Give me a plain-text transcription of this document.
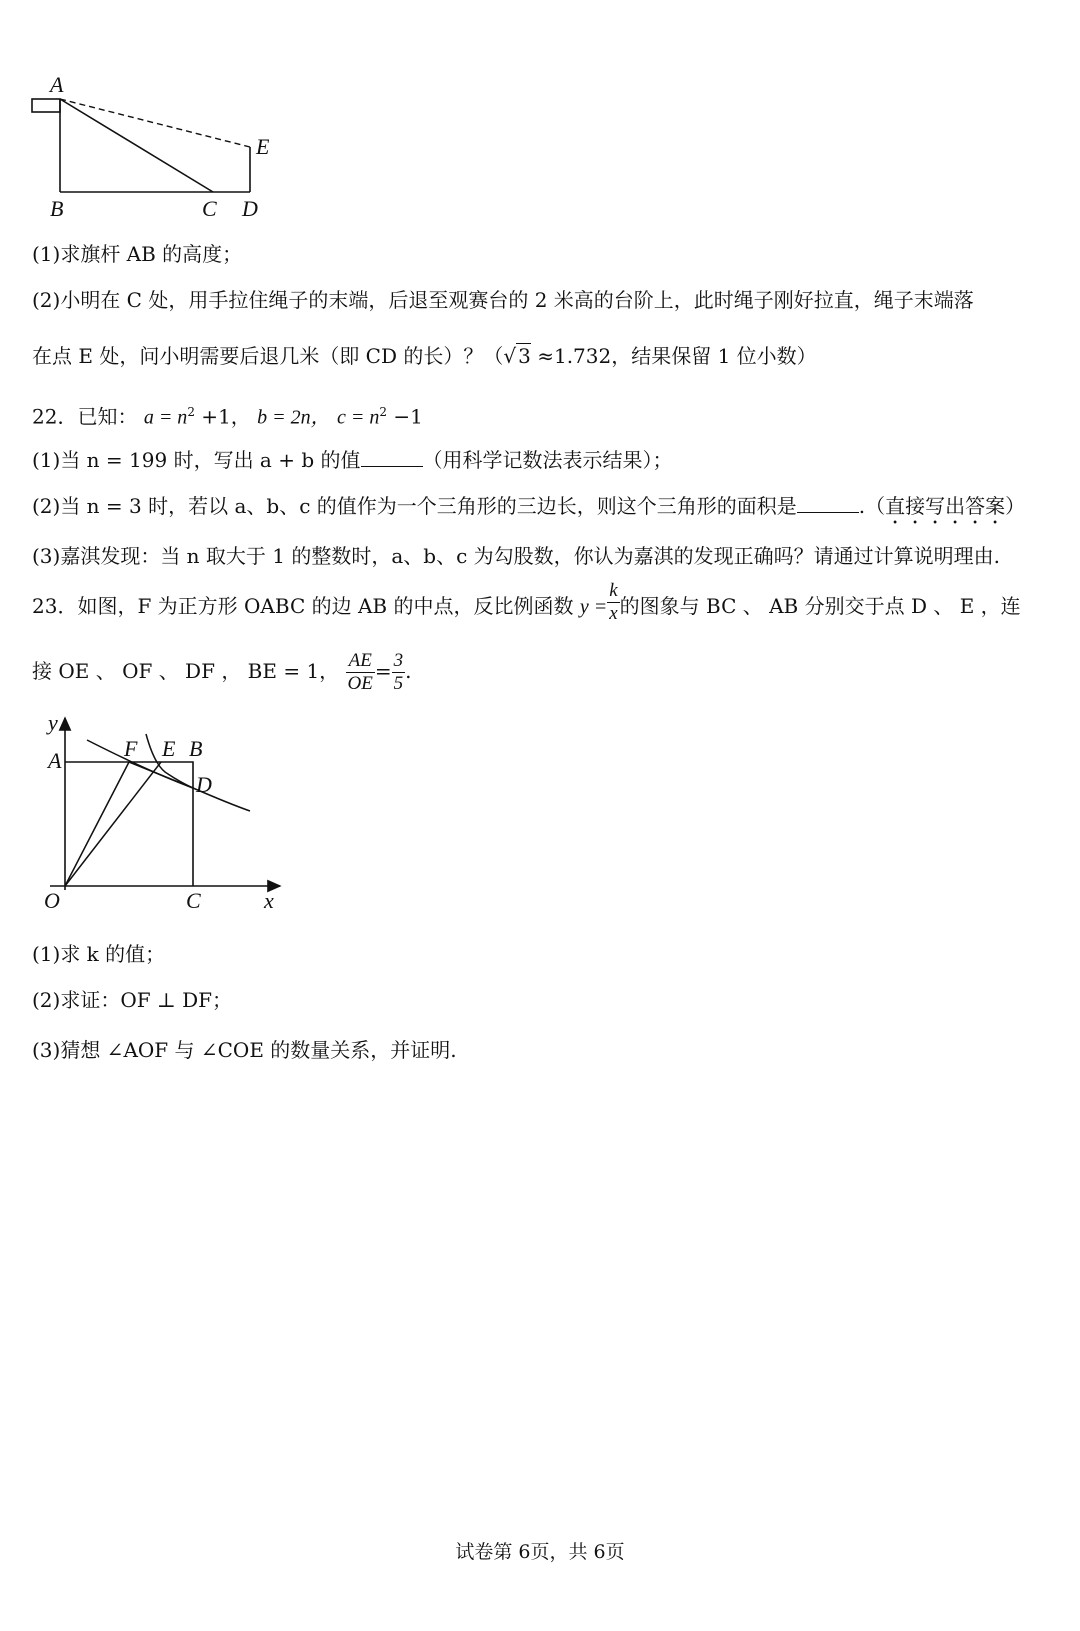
A
E
B	C D
(1)求旗杆 AB 的高度；
(2)小明在 C 处，用手拉住绳子的末端，后退至观赛台的 2 米高的台阶上，此时绳子刚好拉直，绳子末端落
在点 E 处，问小明需要后退几米（即 CD 的长）？（√ 3 ≈1.732，结果保留 1 位小数）
22．已知： $a = n^2 +1$， b = 2n， $c = n^2 -1$
(1)当 n = 199 时，写出 a + b 的值	（用科学记数法表示结果）；
(2)当 n = 3 时，若以 a、b、c 的值作为一个三角形的三边长，则这个三角形的面积是	.（直接写出答案）
(3)嘉淇发现：当 n 取大于 1 的整数时，a、b、c 为勾股数，你认为嘉淇的发现正确吗？请通过计算说明理由.
23．如图，F 为正方形 OABC 的边 AB 的中点，反比例函数 $y = \frac{k}{x}$ 的图象与 BC 、 AB 分别交于点 D 、 E ，连
接 OE 、 OF 、 DF ， BE = 1， $\frac{AE}{OE} = \frac{3}{5}$ .
y
A	F E B
D
O	C	x
(1)求 k 的值；
(2)求证：OF ⊥ DF；
(3)猜想 ∠AOF 与 ∠COE 的数量关系，并证明.
试卷第 6页，共 6页
